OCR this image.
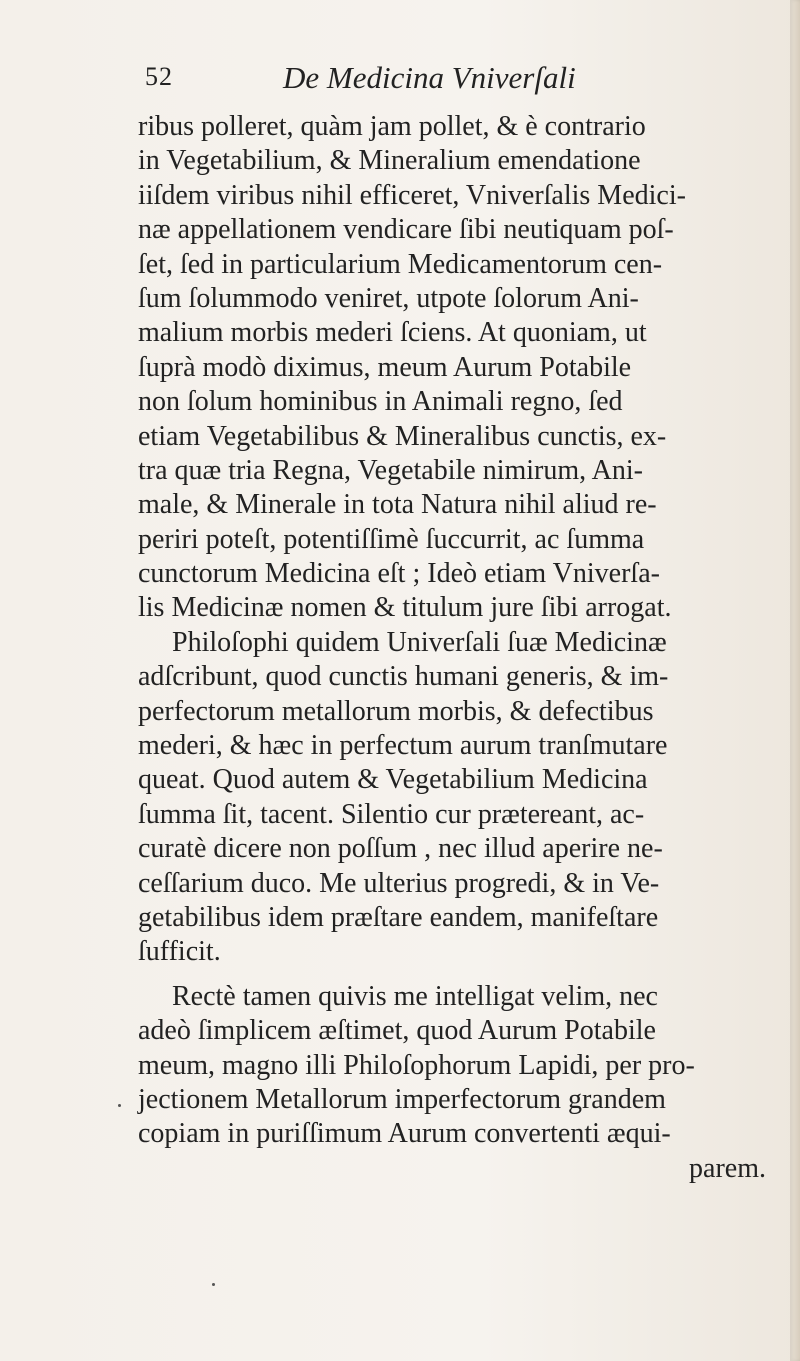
52	De Medicina Vniverſali
ribus polleret, quàm jam pollet, & è contrario
in Vegetabilium, & Mineralium emendatione
iiſdem viribus nihil efficeret, Vniverſalis Medici-
næ appellationem vendicare ſibi neutiquam poſ-
ſet, ſed in particularium Medicamentorum cen-
ſum ſolummodo veniret, utpote ſolorum Ani-
malium morbis mederi ſciens. At quoniam, ut
ſuprà modò diximus, meum Aurum Potabile
non ſolum hominibus in Animali regno, ſed
etiam Vegetabilibus & Mineralibus cunctis, ex-
tra quæ tria Regna, Vegetabile nimirum, Ani-
male, & Minerale in tota Natura nihil aliud re-
periri poteſt, potentiſſimè ſuccurrit, ac ſumma
cunctorum Medicina eſt ; Ideò etiam Vniverſa-
lis Medicinæ nomen & titulum jure ſibi arrogat.
Philoſophi quidem Univerſali ſuæ Medicinæ
adſcribunt, quod cunctis humani generis, & im-
perfectorum metallorum morbis, & defectibus
mederi, & hæc in perfectum aurum tranſmutare
queat. Quod autem & Vegetabilium Medicina
ſumma ſit, tacent. Silentio cur prætereant, ac-
curatè dicere non poſſum , nec illud aperire ne-
ceſſarium duco. Me ulterius progredi, & in Ve-
getabilibus idem præſtare eandem, manifeſtare
ſufficit.
Rectè tamen quivis me intelligat velim, nec
adeò ſimplicem æſtimet, quod Aurum Potabile
meum, magno illi Philoſophorum Lapidi, per pro-
jectionem Metallorum imperfectorum grandem
copiam in puriſſimum Aurum convertenti æqui-
parem.
